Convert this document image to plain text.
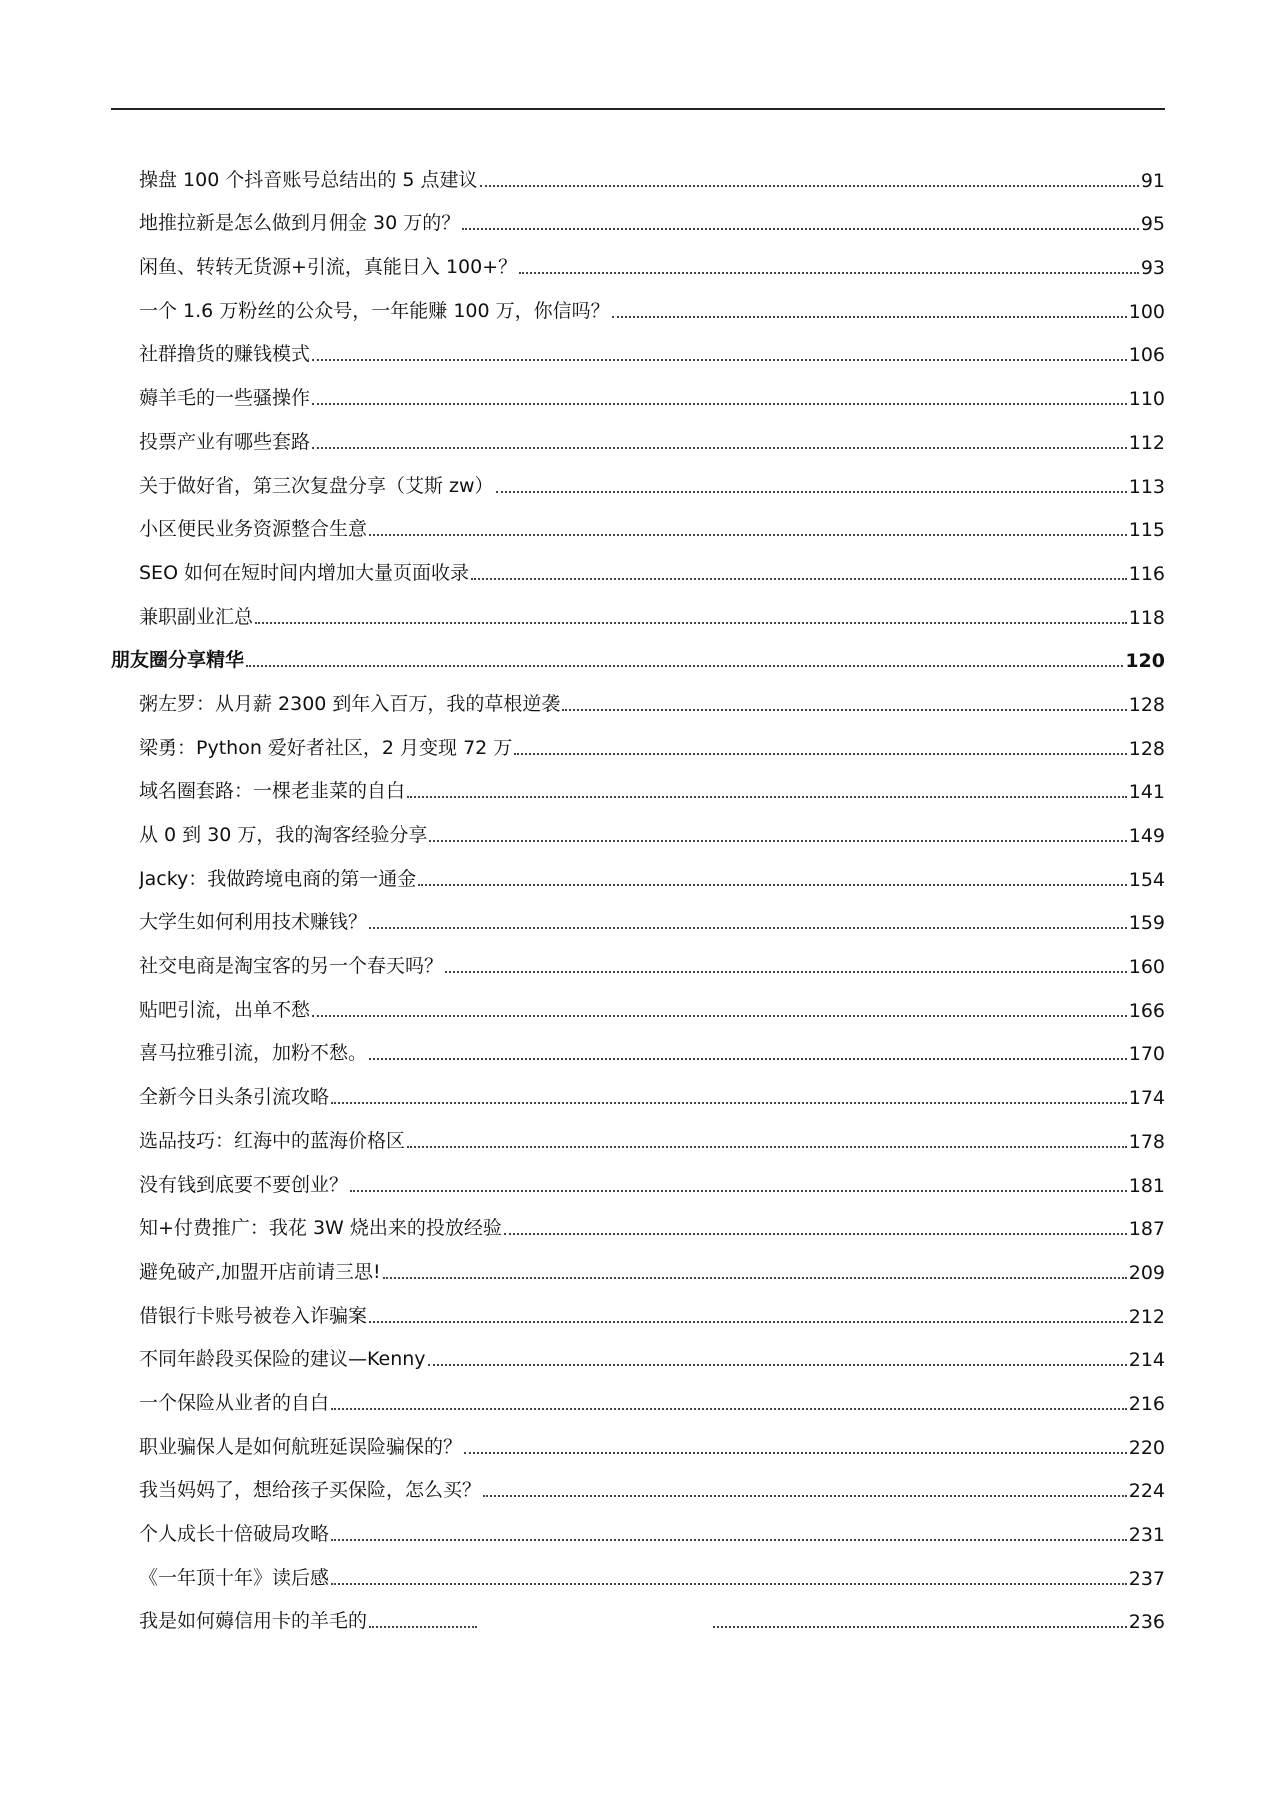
操盘 100 个抖音账号总结出的 5 点建议	91
地推拉新是怎么做到月佣金 30 万的？	95
闲鱼、转转无货源+引流，真能日入 100+？	93
一个 1.6 万粉丝的公众号，一年能赚 100 万，你信吗？	100
社群撸货的赚钱模式	106
薅羊毛的一些骚操作	110
投票产业有哪些套路	112
关于做好省，第三次复盘分享（艾斯 zw）	113
小区便民业务资源整合生意	115
SEO 如何在短时间内增加大量页面收录	116
兼职副业汇总	118
朋友圈分享精华	120
粥左罗：从月薪 2300 到年入百万，我的草根逆袭	128
梁勇：Python 爱好者社区，2 月变现 72 万	128
域名圈套路：一棵老韭菜的自白	141
从 0 到 30 万，我的淘客经验分享	149
Jacky：我做跨境电商的第一通金	154
大学生如何利用技术赚钱？	159
社交电商是淘宝客的另一个春天吗？	160
贴吧引流，出单不愁	166
喜马拉雅引流，加粉不愁。	170
全新今日头条引流攻略	174
选品技巧：红海中的蓝海价格区	178
没有钱到底要不要创业？	181
知+付费推广：我花 3W 烧出来的投放经验	187
避免破产,加盟开店前请三思!	209
借银行卡账号被卷入诈骗案	212
不同年龄段买保险的建议—Kenny	214
一个保险从业者的自白	216
职业骗保人是如何航班延误险骗保的？	220
我当妈妈了，想给孩子买保险，怎么买？	224
个人成长十倍破局攻略	231
《一年顶十年》读后感	237
我是如何薅信用卡的羊毛的	236
